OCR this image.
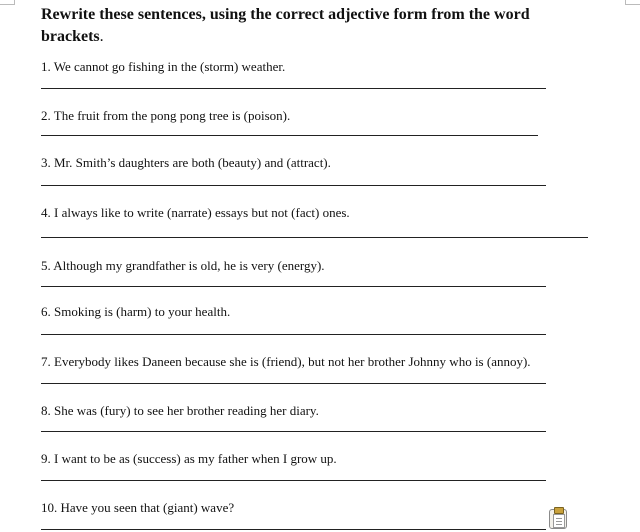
Rewrite these sentences, using the correct adjective form from the word brackets.
1. We cannot go fishing in the (storm) weather.
2. The fruit from the pong pong tree is (poison).
3. Mr. Smith’s daughters are both (beauty) and (attract).
4. I always like to write (narrate) essays but not (fact) ones.
5. Although my grandfather is old, he is very (energy).
6. Smoking is (harm) to your health.
7. Everybody likes Daneen because she is (friend), but not her brother Johnny who is (annoy).
8. She was (fury) to see her brother reading her diary.
9. I want to be as (success) as my father when I grow up.
10. Have you seen that (giant) wave?
